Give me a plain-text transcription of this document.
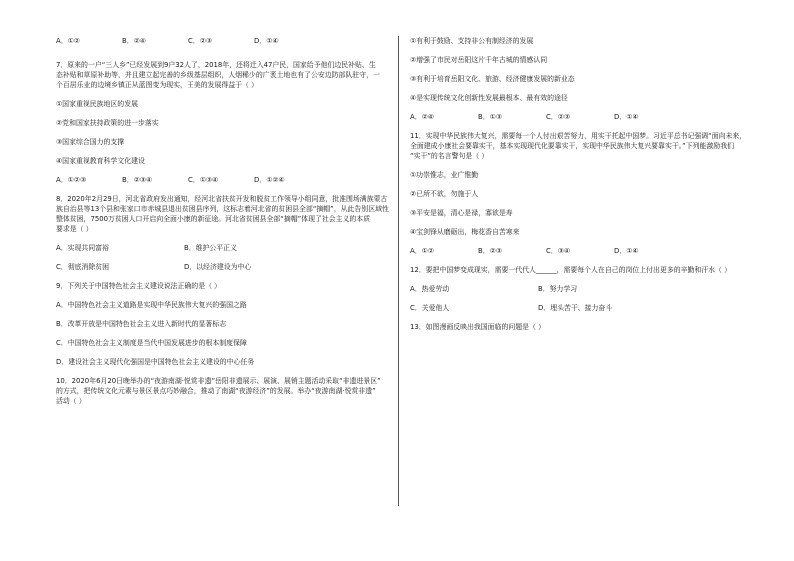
A．①②	B．②④	C．②③	D．①④
7．原来的一户“三人乡”已经发展到9户32人了，2018年，还将迁入47户民，国家给予他们边民补贴、生
态补贴和草原补助等，并且建立起完善的乡级基层组织，人烟稀少的广袤土地也有了公安边防部队驻守，一
个百居乐业的边境乡镇正从蓝图变为现实，王美的发展得益于（ ）
①国家重视民族地区的发展
②党和国家扶持政策的进一步落实
③国家综合国力的支撑
④国家重视教育科学文化建设
A．①②③	B．②③④	C．①③④	D．①②④
8．2020年2月29日，河北省政府发出通知，经河北省扶贫开发和脱贫工作领导小组同意，批准围场满族蒙古
族自治县等13个县和张家口市赤城县退出贫困县序列，这标志着河北省的贫困县全部“摘帽”，从此告别区域性
整体贫困，7500万贫困人口开启向全面小康的新征途。河北省贫困县全部“摘帽”体现了社会主义的本质
要求是（ ）
A．实现共同富裕	B．维护公平正义
C．彻底消除贫困	D．以经济建设为中心
9．下列关于中国特色社会主义建设说法正确的是（ ）
A．中国特色社会主义道路是实现中华民族伟大复兴的强国之路
B．改革开放是中国特色社会主义进入新时代的显著标志
C．中国特色社会主义制度是当代中国发展进步的根本制度保障
D．建设社会主义现代化强国是中国特色社会主义建设的中心任务
10．2020年6月20日晚举办的“夜游南湖·悦赏非遗”岳阳非遗展示、展演、展销主题活动采取“非遗进景区”
的方式，把传统文化元素与景区景点巧妙融合，推动了南湖“夜游经济”的发展。举办“夜游南湖·悦赏非遗”
活动（ ）
①有利于鼓励、支持非公有制经济的发展
②增强了市民对岳阳这片千年古城的情感认同
③有利于培育岳阳文化、旅游、经济健康发展的新业态
④是实现传统文化创新性发展最根本、最有效的途径
A．②④	B．①③	C．②③	D．①④
11．实现中华民族伟大复兴，需要每一个人付出艰苦努力，用实干托起中国梦。习近平总书记强调“面向未来，
全面建成小康社会要靠实干，基本实现现代化要靠实干，实现中华民族伟大复兴要靠实干。”下列能激励我们
“实干”的名言警句是（ ）
①功崇惟志，业广惟勤
②已所不欲，勿施于人
③平安是福，清心是禄，寡欲是寿
④宝剑锋从磨砺出，梅花香自苦寒来
A．①②	B．②③	C．③④	D．①④
12．要把中国梦变成现实，需要一代代人______，需要每个人在自己的岗位上付出更多的辛勤和汗水（ ）
A．热爱劳动	B．努力学习
C．关爱他人	D．埋头苦干、接力奋斗
13．如图漫画反映出我国面临的问题是（ ）
